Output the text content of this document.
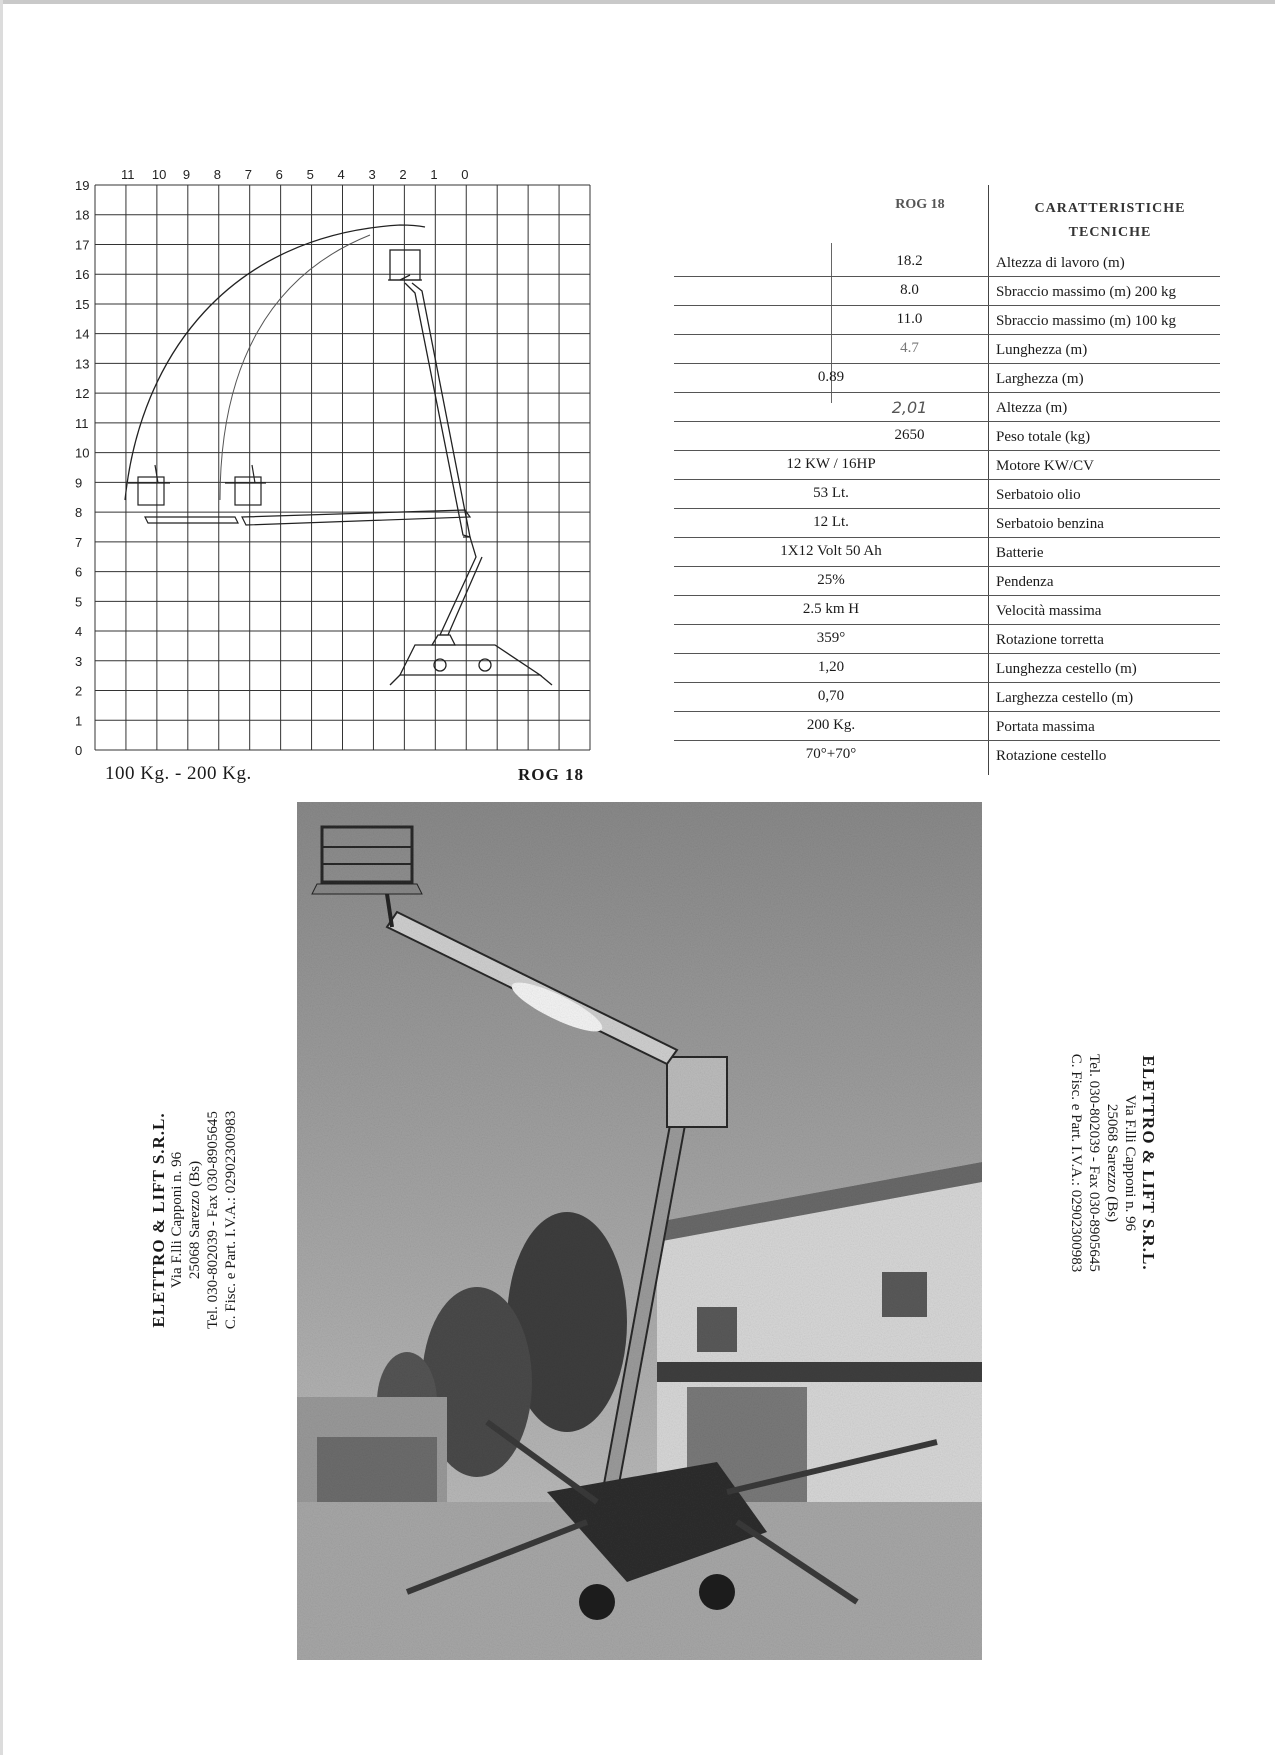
19
18
17
16
15
14
13
12
11
10
9
8
7
6
5
4
3
2
1
0
11 10 9 8 7 6 5 4 3 2 1 0
100 Kg. - 200 Kg.	ROG 18
ROG 18	CARATTERISTICHE TECNICHE
18.2	Altezza di lavoro (m)
8.0	Sbraccio massimo (m) 200 kg
11.0	Sbraccio massimo (m) 100 kg
4.7	Lunghezza (m)
0.89	Larghezza (m)
2,01	Altezza (m)
2650	Peso totale (kg)
12 KW / 16HP	Motore KW/CV
53 Lt.	Serbatoio olio
12 Lt.	Serbatoio benzina
1X12 Volt 50 Ah	Batterie
25%	Pendenza
2.5 km H	Velocità massima
359°	Rotazione torretta
1,20	Lunghezza cestello (m)
0,70	Larghezza cestello (m)
200 Kg.	Portata massima
70°+70°	Rotazione cestello
ELETTRO & LIFT S.R.L. Via F.lli Capponi n. 96 25068 Sarezzo (Bs) Tel. 030-802039 - Fax 030-8905645 C. Fisc. e Part. I.V.A.: 02902300983	ELETTRO & LIFT S.R.L.
Via F.lli Capponi n. 96
25068 Sarezzo (Bs)
Tel. 030-802039 - Fax 030-8905645
C. Fisc. e Part. I.V.A.: 02902300983
